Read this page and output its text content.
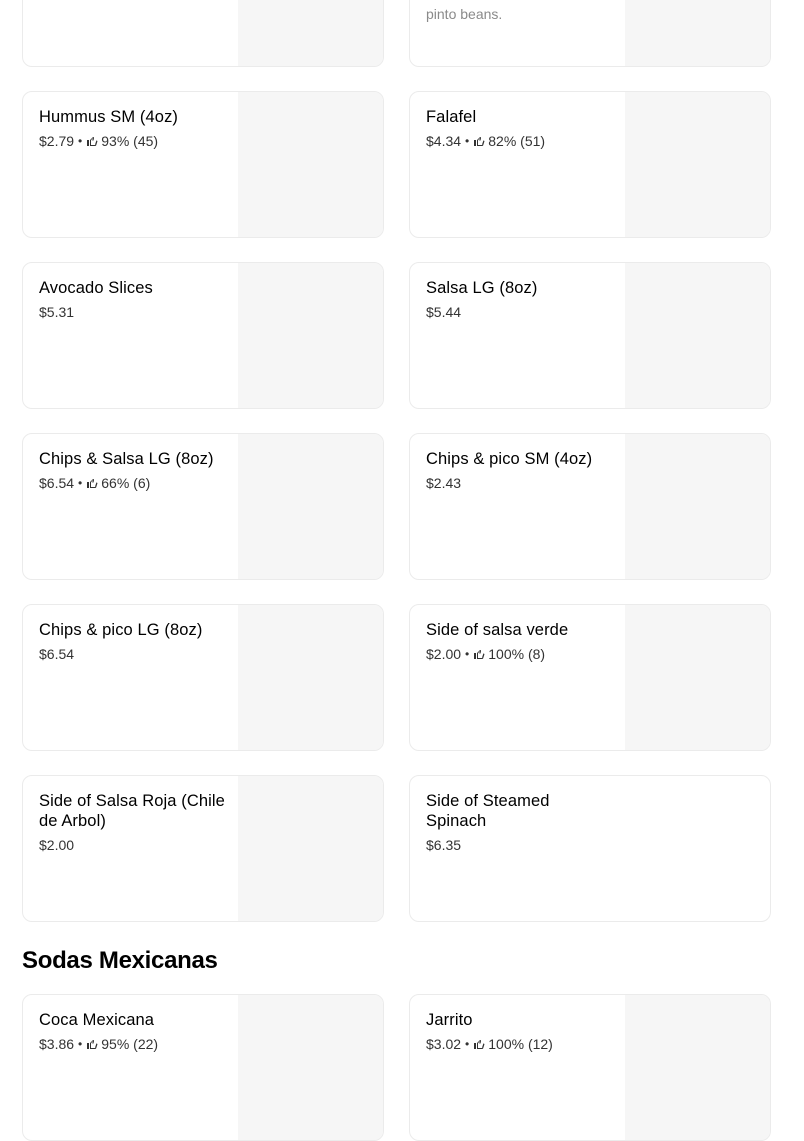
pinto beans.
Hummus SM (4oz)
$2.79 • 93% (45)
Falafel
$4.34 • 82% (51)
Avocado Slices
$5.31
Salsa LG (8oz)
$5.44
Chips & Salsa LG (8oz)
$6.54 • 66% (6)
Chips & pico SM (4oz)
$2.43
Chips & pico LG (8oz)
$6.54
Side of salsa verde
$2.00 • 100% (8)
Side of Salsa Roja (Chile de Arbol)
$2.00
Side of Steamed Spinach
$6.35
Sodas Mexicanas
Coca Mexicana
$3.86 • 95% (22)
Jarrito
$3.02 • 100% (12)
